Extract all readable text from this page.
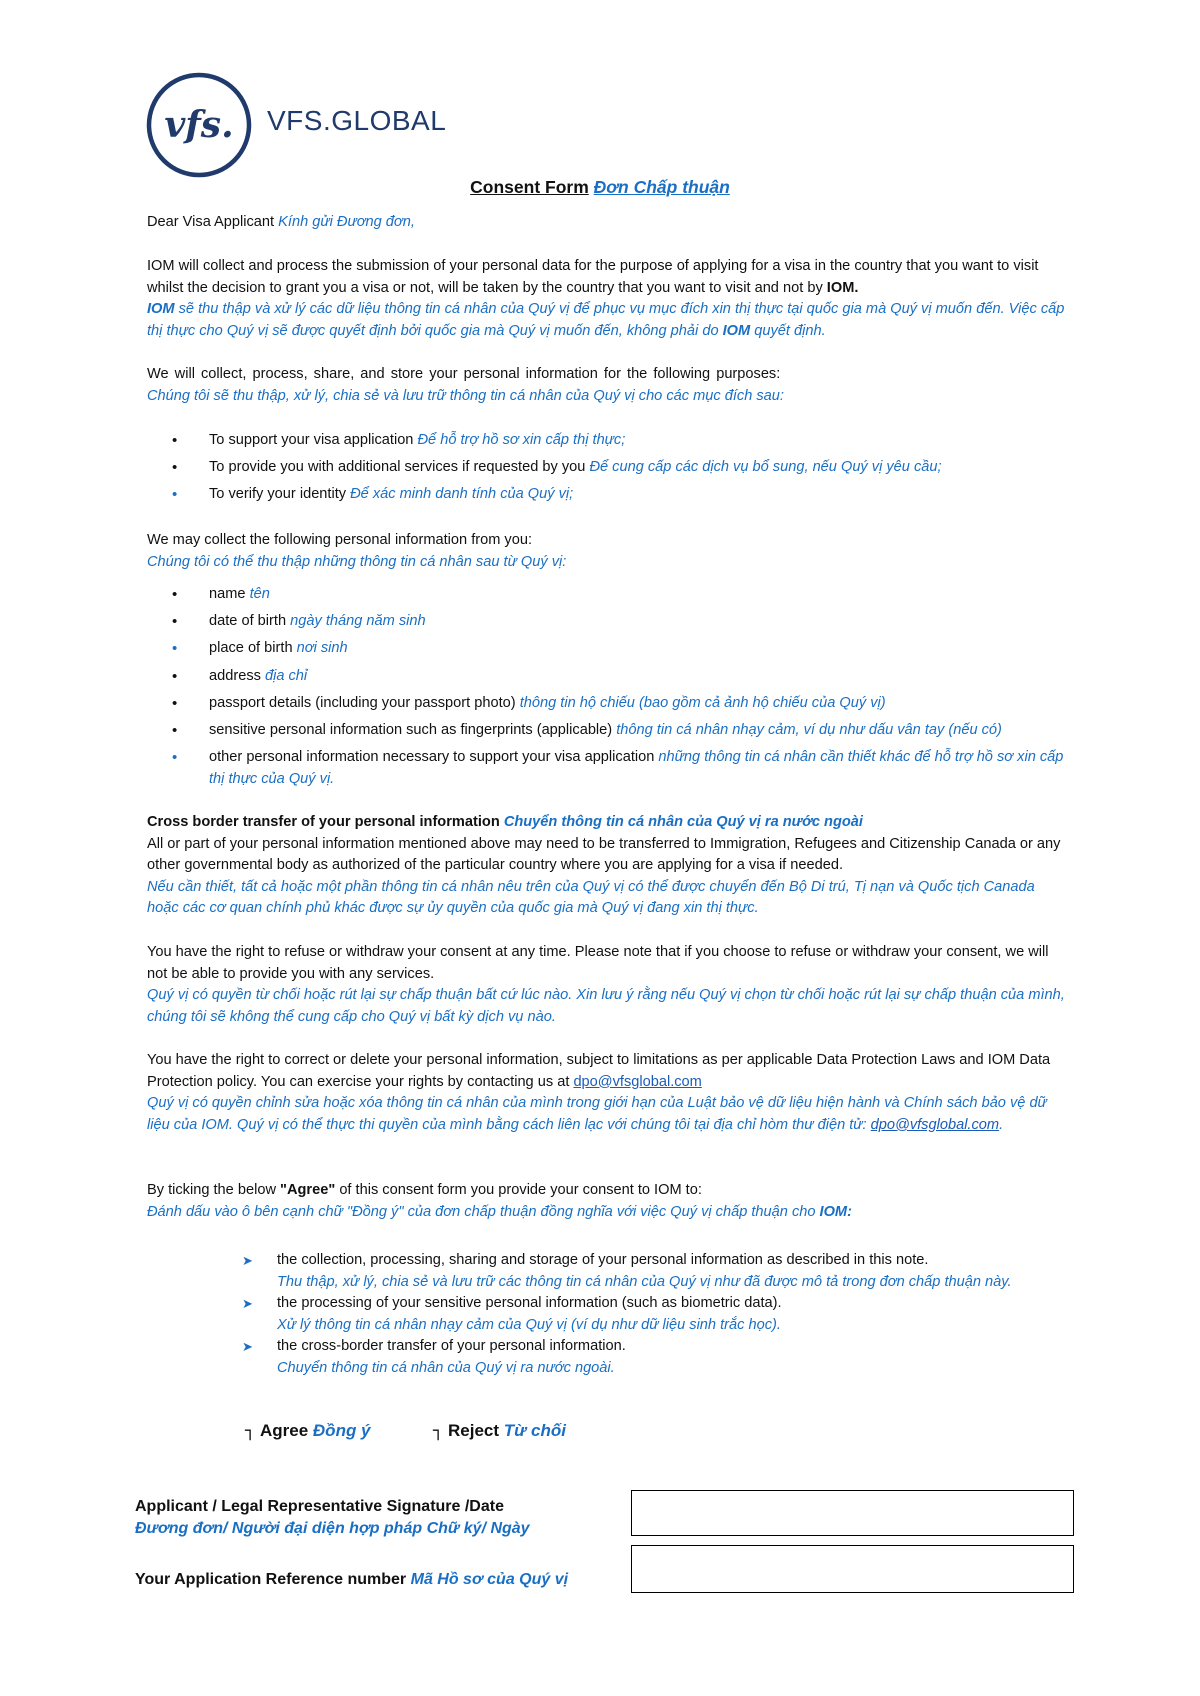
vfs. VFS.GLOBAL
Consent Form Đơn Chấp thuận
Dear Visa Applicant Kính gửi Đương đơn,
IOM will collect and process the submission of your personal data for the purpose of applying for a visa in the country that you want to visit whilst the decision to grant you a visa or not, will be taken by the country that you want to visit and not by IOM.
IOM sẽ thu thập và xử lý các dữ liệu thông tin cá nhân của Quý vị để phục vụ mục đích xin thị thực tại quốc gia mà Quý vị muốn đến. Việc cấp thị thực cho Quý vị sẽ được quyết định bởi quốc gia mà Quý vị muốn đến, không phải do IOM quyết định.
We will collect, process, share, and store your personal information for the following purposes:
Chúng tôi sẽ thu thập, xử lý, chia sẻ và lưu trữ thông tin cá nhân của Quý vị cho các mục đích sau:
• To support your visa application Để hỗ trợ hồ sơ xin cấp thị thực;
• To provide you with additional services if requested by you Để cung cấp các dịch vụ bổ sung, nếu Quý vị yêu cầu;
• To verify your identity Để xác minh danh tính của Quý vị;
We may collect the following personal information from you:
Chúng tôi có thể thu thập những thông tin cá nhân sau từ Quý vị:
• name tên
• date of birth ngày tháng năm sinh
• place of birth nơi sinh
• address địa chỉ
• passport details (including your passport photo) thông tin hộ chiếu (bao gồm cả ảnh hộ chiếu của Quý vị)
• sensitive personal information such as fingerprints (applicable) thông tin cá nhân nhạy cảm, ví dụ như dấu vân tay (nếu có)
• other personal information necessary to support your visa application những thông tin cá nhân cần thiết khác để hỗ trợ hồ sơ xin cấp thị thực của Quý vị.
Cross border transfer of your personal information Chuyển thông tin cá nhân của Quý vị ra nước ngoài
All or part of your personal information mentioned above may need to be transferred to Immigration, Refugees and Citizenship Canada or any other governmental body as authorized of the particular country where you are applying for a visa if needed.
Nếu cần thiết, tất cả hoặc một phần thông tin cá nhân nêu trên của Quý vị có thể được chuyển đến Bộ Di trú, Tị nạn và Quốc tịch Canada hoặc các cơ quan chính phủ khác được sự ủy quyền của quốc gia mà Quý vị đang xin thị thực.
You have the right to refuse or withdraw your consent at any time. Please note that if you choose to refuse or withdraw your consent, we will not be able to provide you with any services.
Quý vị có quyền từ chối hoặc rút lại sự chấp thuận bất cứ lúc nào. Xin lưu ý rằng nếu Quý vị chọn từ chối hoặc rút lại sự chấp thuận của mình, chúng tôi sẽ không thể cung cấp cho Quý vị bất kỳ dịch vụ nào.
You have the right to correct or delete your personal information, subject to limitations as per applicable Data Protection Laws and IOM Data Protection policy. You can exercise your rights by contacting us at dpo@vfsglobal.com
Quý vị có quyền chỉnh sửa hoặc xóa thông tin cá nhân của mình trong giới hạn của Luật bảo vệ dữ liệu hiện hành và Chính sách bảo vệ dữ liệu của IOM. Quý vị có thể thực thi quyền của mình bằng cách liên lạc với chúng tôi tại địa chỉ hòm thư điện tử: dpo@vfsglobal.com.
By ticking the below "Agree" of this consent form you provide your consent to IOM to:
Đánh dấu vào ô bên cạnh chữ "Đồng ý" của đơn chấp thuận đồng nghĩa với việc Quý vị chấp thuận cho IOM:
➤ the collection, processing, sharing and storage of your personal information as described in this note.
Thu thập, xử lý, chia sẻ và lưu trữ các thông tin cá nhân của Quý vị như đã được mô tả trong đơn chấp thuận này.
➤ the processing of your sensitive personal information (such as biometric data).
Xử lý thông tin cá nhân nhạy cảm của Quý vị (ví dụ như dữ liệu sinh trắc học).
➤ the cross-border transfer of your personal information.
Chuyển thông tin cá nhân của Quý vị ra nước ngoài.
┐ Agree Đồng ý	┐ Reject Từ chối
Applicant / Legal Representative Signature /Date
Đương đơn/ Người đại diện hợp pháp Chữ ký/ Ngày
Your Application Reference number Mã Hồ sơ của Quý vị
